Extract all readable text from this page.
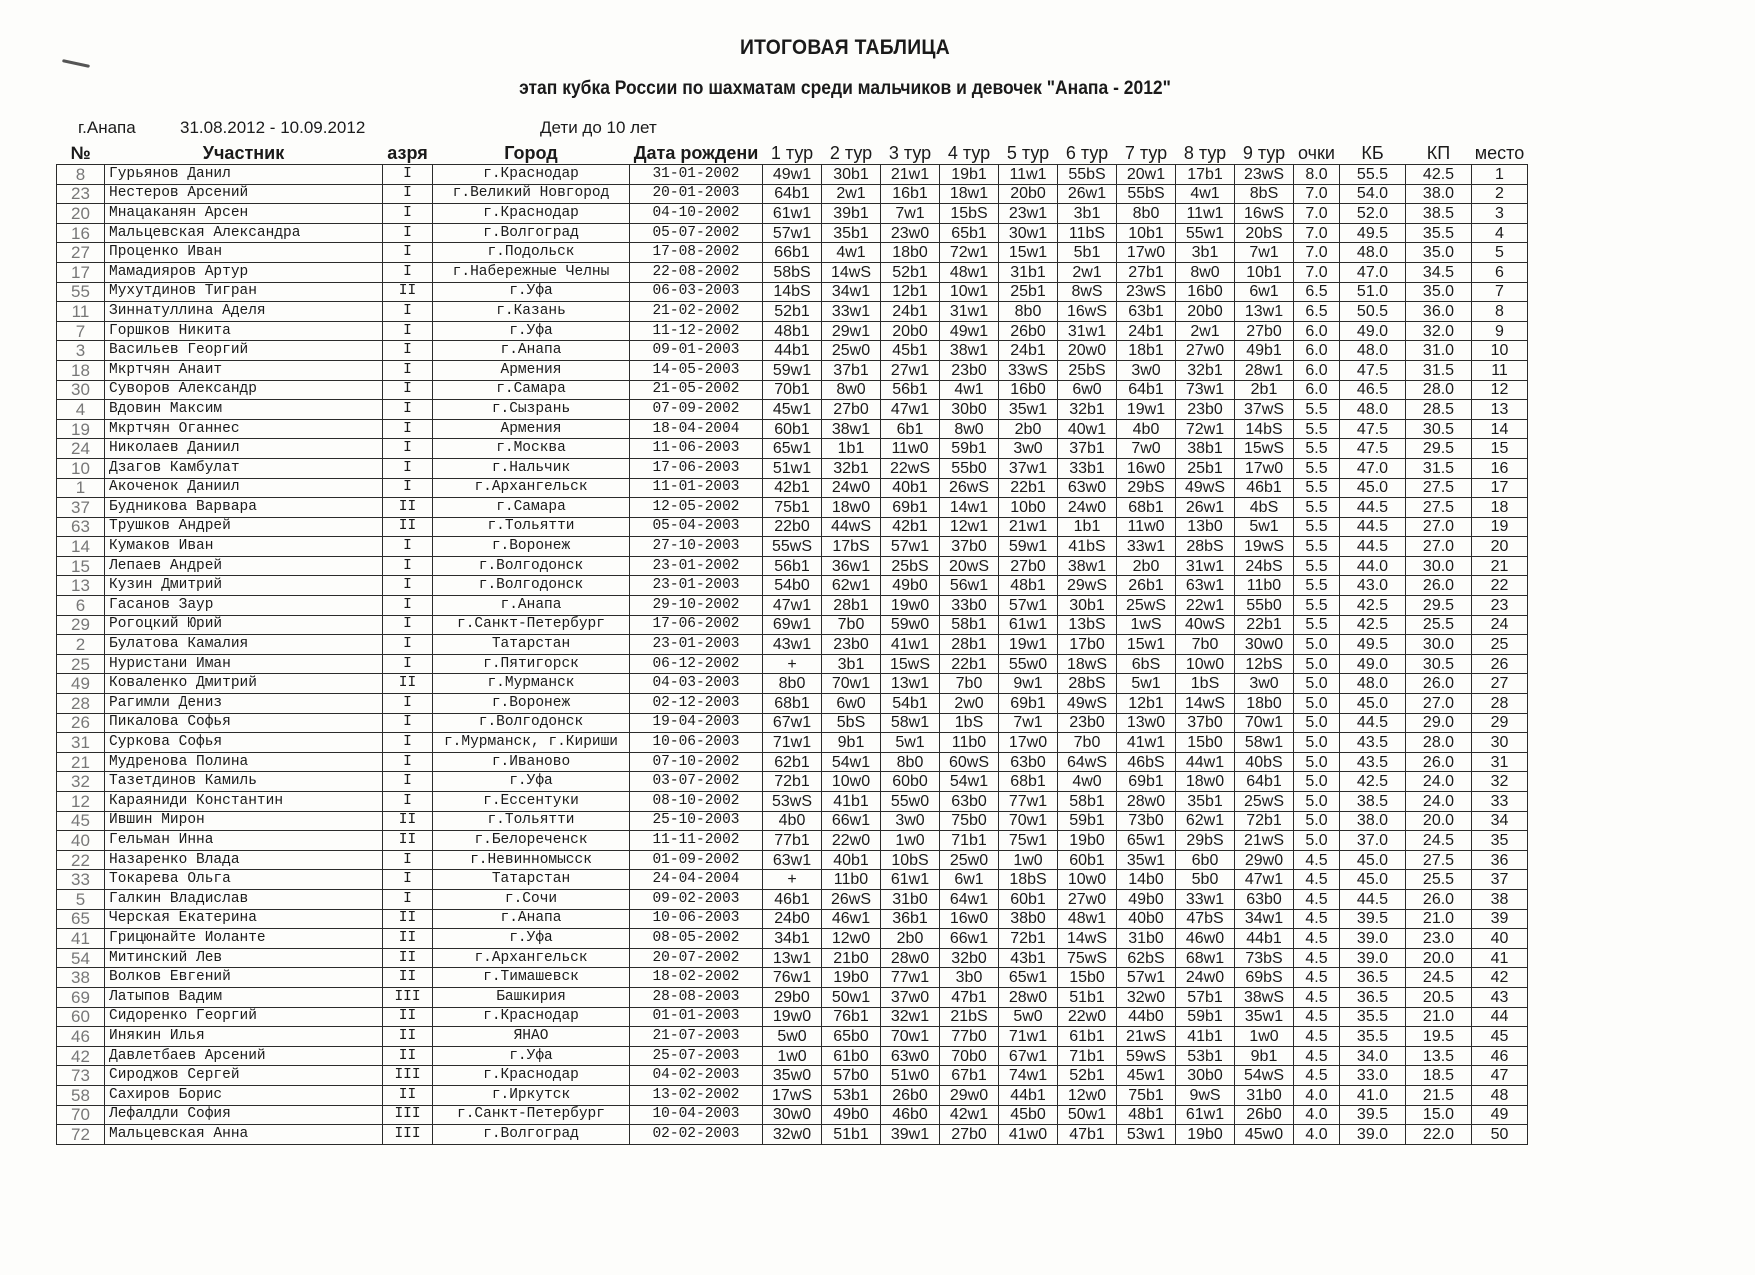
ИТОГОВАЯ ТАБЛИЦА
этап кубка России по шахматам среди мальчиков и девочек "Анапа - 2012"
г.Анапа	31.08.2012 - 10.09.2012	Дети до 10 лет
№	Участник	азря	Город	Дата рождени	1 тур	2 тур	3 тур	4 тур	5 тур	6 тур	7 тур	8 тур	9 тур	очки	КБ	КП	место
8	Гурьянов Данил	I	г.Краснодар	31-01-2002	49w1	30b1	21w1	19b1	11w1	55bS	20w1	17b1	23wS	8.0	55.5	42.5	1
23	Нестеров Арсений	I	г.Великий Новгород	20-01-2003	64b1	2w1	16b1	18w1	20b0	26w1	55bS	4w1	8bS	7.0	54.0	38.0	2
20	Мнацаканян Арсен	I	г.Краснодар	04-10-2002	61w1	39b1	7w1	15bS	23w1	3b1	8b0	11w1	16wS	7.0	52.0	38.5	3
16	Мальцевская Александра	I	г.Волгоград	05-07-2002	57w1	35b1	23w0	65b1	30w1	11bS	10b1	55w1	20bS	7.0	49.5	35.5	4
27	Проценко Иван	I	г.Подольск	17-08-2002	66b1	4w1	18b0	72w1	15w1	5b1	17w0	3b1	7w1	7.0	48.0	35.0	5
17	Мамадияров Артур	I	г.Набережные Челны	22-08-2002	58bS	14wS	52b1	48w1	31b1	2w1	27b1	8w0	10b1	7.0	47.0	34.5	6
55	Мухутдинов Тигран	II	г.Уфа	06-03-2003	14bS	34w1	12b1	10w1	25b1	8wS	23wS	16b0	6w1	6.5	51.0	35.0	7
11	Зиннатуллина Аделя	I	г.Казань	21-02-2002	52b1	33w1	24b1	31w1	8b0	16wS	63b1	20b0	13w1	6.5	50.5	36.0	8
7	Горшков Никита	I	г.Уфа	11-12-2002	48b1	29w1	20b0	49w1	26b0	31w1	24b1	2w1	27b0	6.0	49.0	32.0	9
3	Васильев Георгий	I	г.Анапа	09-01-2003	44b1	25w0	45b1	38w1	24b1	20w0	18b1	27w0	49b1	6.0	48.0	31.0	10
18	Мкртчян Анаит	I	Армения	14-05-2003	59w1	37b1	27w1	23b0	33wS	25bS	3w0	32b1	28w1	6.0	47.5	31.5	11
30	Суворов Александр	I	г.Самара	21-05-2002	70b1	8w0	56b1	4w1	16b0	6w0	64b1	73w1	2b1	6.0	46.5	28.0	12
4	Вдовин Максим	I	г.Сызрань	07-09-2002	45w1	27b0	47w1	30b0	35w1	32b1	19w1	23b0	37wS	5.5	48.0	28.5	13
19	Мкртчян Оганнес	I	Армения	18-04-2004	60b1	38w1	6b1	8w0	2b0	40w1	4b0	72w1	14bS	5.5	47.5	30.5	14
24	Николаев Даниил	I	г.Москва	11-06-2003	65w1	1b1	11w0	59b1	3w0	37b1	7w0	38b1	15wS	5.5	47.5	29.5	15
10	Дзагов Камбулат	I	г.Нальчик	17-06-2003	51w1	32b1	22wS	55b0	37w1	33b1	16w0	25b1	17w0	5.5	47.0	31.5	16
1	Акоченок Даниил	I	г.Архангельск	11-01-2003	42b1	24w0	40b1	26wS	22b1	63w0	29bS	49wS	46b1	5.5	45.0	27.5	17
37	Будникова Варвара	II	г.Самара	12-05-2002	75b1	18w0	69b1	14w1	10b0	24w0	68b1	26w1	4bS	5.5	44.5	27.5	18
63	Трушков Андрей	II	г.Тольятти	05-04-2003	22b0	44wS	42b1	12w1	21w1	1b1	11w0	13b0	5w1	5.5	44.5	27.0	19
14	Кумаков Иван	I	г.Воронеж	27-10-2003	55wS	17bS	57w1	37b0	59w1	41bS	33w1	28bS	19wS	5.5	44.5	27.0	20
15	Лепаев Андрей	I	г.Волгодонск	23-01-2002	56b1	36w1	25bS	20wS	27b0	38w1	2b0	31w1	24bS	5.5	44.0	30.0	21
13	Кузин Дмитрий	I	г.Волгодонск	23-01-2003	54b0	62w1	49b0	56w1	48b1	29wS	26b1	63w1	11b0	5.5	43.0	26.0	22
6	Гасанов Заур	I	г.Анапа	29-10-2002	47w1	28b1	19w0	33b0	57w1	30b1	25wS	22w1	55b0	5.5	42.5	29.5	23
29	Рогоцкий Юрий	I	г.Санкт-Петербург	17-06-2002	69w1	7b0	59w0	58b1	61w1	13bS	1wS	40wS	22b1	5.5	42.5	25.5	24
2	Булатова Камалия	I	Татарстан	23-01-2003	43w1	23b0	41w1	28b1	19w1	17b0	15w1	7b0	30w0	5.0	49.5	30.0	25
25	Нуристани Иман	I	г.Пятигорск	06-12-2002	+	3b1	15wS	22b1	55w0	18wS	6bS	10w0	12bS	5.0	49.0	30.5	26
49	Коваленко Дмитрий	II	г.Мурманск	04-03-2003	8b0	70w1	13w1	7b0	9w1	28bS	5w1	1bS	3w0	5.0	48.0	26.0	27
28	Рагимли Дениз	I	г.Воронеж	02-12-2003	68b1	6w0	54b1	2w0	69b1	49wS	12b1	14wS	18b0	5.0	45.0	27.0	28
26	Пикалова Софья	I	г.Волгодонск	19-04-2003	67w1	5bS	58w1	1bS	7w1	23b0	13w0	37b0	70w1	5.0	44.5	29.0	29
31	Суркова Софья	I	г.Мурманск, г.Кириши	10-06-2003	71w1	9b1	5w1	11b0	17w0	7b0	41w1	15b0	58w1	5.0	43.5	28.0	30
21	Мудренова Полина	I	г.Иваново	07-10-2002	62b1	54w1	8b0	60wS	63b0	64wS	46bS	44w1	40bS	5.0	43.5	26.0	31
32	Тазетдинов Камиль	I	г.Уфа	03-07-2002	72b1	10w0	60b0	54w1	68b1	4w0	69b1	18w0	64b1	5.0	42.5	24.0	32
12	Караяниди Константин	I	г.Ессентуки	08-10-2002	53wS	41b1	55w0	63b0	77w1	58b1	28w0	35b1	25wS	5.0	38.5	24.0	33
45	Ившин Мирон	II	г.Тольятти	25-10-2003	4b0	66w1	3w0	75b0	70w1	59b1	73b0	62w1	72b1	5.0	38.0	20.0	34
40	Гельман Инна	II	г.Белореченск	11-11-2002	77b1	22w0	1w0	71b1	75w1	19b0	65w1	29bS	21wS	5.0	37.0	24.5	35
22	Назаренко Влада	I	г.Невинномысск	01-09-2002	63w1	40b1	10bS	25w0	1w0	60b1	35w1	6b0	29w0	4.5	45.0	27.5	36
33	Токарева Ольга	I	Татарстан	24-04-2004	+	11b0	61w1	6w1	18bS	10w0	14b0	5b0	47w1	4.5	45.0	25.5	37
5	Галкин Владислав	I	г.Сочи	09-02-2003	46b1	26wS	31b0	64w1	60b1	27w0	49b0	33w1	63b0	4.5	44.5	26.0	38
65	Черская Екатерина	II	г.Анапа	10-06-2003	24b0	46w1	36b1	16w0	38b0	48w1	40b0	47bS	34w1	4.5	39.5	21.0	39
41	Грицюнайте Иоланте	II	г.Уфа	08-05-2002	34b1	12w0	2b0	66w1	72b1	14wS	31b0	46w0	44b1	4.5	39.0	23.0	40
54	Митинский Лев	II	г.Архангельск	20-07-2002	13w1	21b0	28w0	32b0	43b1	75wS	62bS	68w1	73bS	4.5	39.0	20.0	41
38	Волков Евгений	II	г.Тимашевск	18-02-2002	76w1	19b0	77w1	3b0	65w1	15b0	57w1	24w0	69bS	4.5	36.5	24.5	42
69	Латыпов Вадим	III	Башкирия	28-08-2003	29b0	50w1	37w0	47b1	28w0	51b1	32w0	57b1	38wS	4.5	36.5	20.5	43
60	Сидоренко Георгий	II	г.Краснодар	01-01-2003	19w0	76b1	32w1	21bS	5w0	22w0	44b0	59b1	35w1	4.5	35.5	21.0	44
46	Инякин Илья	II	ЯНАО	21-07-2003	5w0	65b0	70w1	77b0	71w1	61b1	21wS	41b1	1w0	4.5	35.5	19.5	45
42	Давлетбаев Арсений	II	г.Уфа	25-07-2003	1w0	61b0	63w0	70b0	67w1	71b1	59wS	53b1	9b1	4.5	34.0	13.5	46
73	Сироджов Сергей	III	г.Краснодар	04-02-2003	35w0	57b0	51w0	67b1	74w1	52b1	45w1	30b0	54wS	4.5	33.0	18.5	47
58	Сахиров Борис	II	г.Иркутск	13-02-2002	17wS	53b1	26b0	29w0	44b1	12w0	75b1	9wS	31b0	4.0	41.0	21.5	48
70	Лефалдли София	III	г.Санкт-Петербург	10-04-2003	30w0	49b0	46b0	42w1	45b0	50w1	48b1	61w1	26b0	4.0	39.5	15.0	49
72	Мальцевская Анна	III	г.Волгоград	02-02-2003	32w0	51b1	39w1	27b0	41w0	47b1	53w1	19b0	45w0	4.0	39.0	22.0	50
